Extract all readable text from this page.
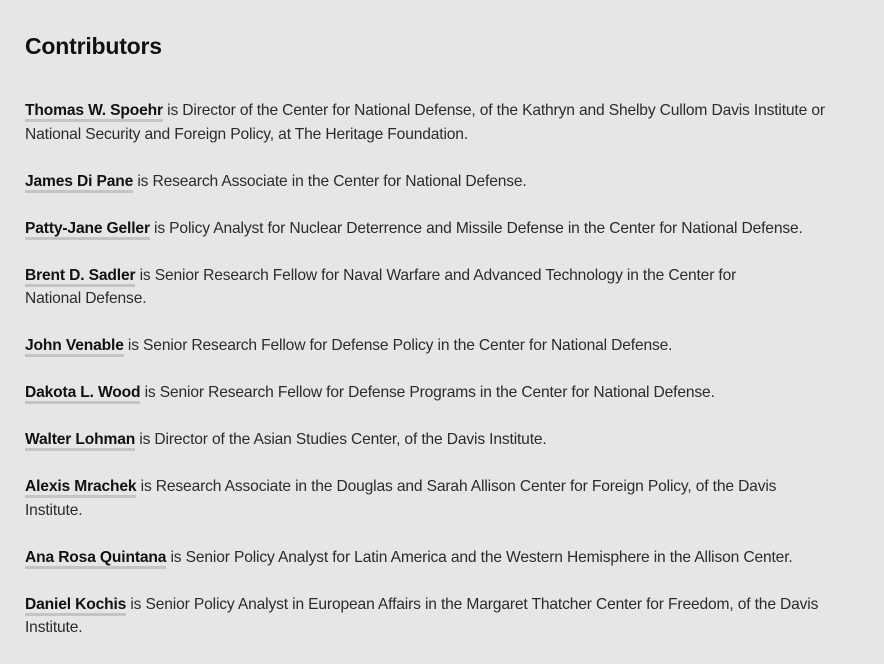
Contributors

Thomas W. Spoehr is Director of the Center for National Defense, of the Kathryn and Shelby Cullom Davis Institute or National Security and Foreign Policy, at The Heritage Foundation.

James Di Pane is Research Associate in the Center for National Defense.

Patty-Jane Geller is Policy Analyst for Nuclear Deterrence and Missile Defense in the Center for National Defense.

Brent D. Sadler is Senior Research Fellow for Naval Warfare and Advanced Technology in the Center for National Defense.

John Venable is Senior Research Fellow for Defense Policy in the Center for National Defense.

Dakota L. Wood is Senior Research Fellow for Defense Programs in the Center for National Defense.

Walter Lohman is Director of the Asian Studies Center, of the Davis Institute.

Alexis Mrachek is Research Associate in the Douglas and Sarah Allison Center for Foreign Policy, of the Davis Institute.

Ana Rosa Quintana is Senior Policy Analyst for Latin America and the Western Hemisphere in the Allison Center.

Daniel Kochis is Senior Policy Analyst in European Affairs in the Margaret Thatcher Center for Freedom, of the Davis Institute.
